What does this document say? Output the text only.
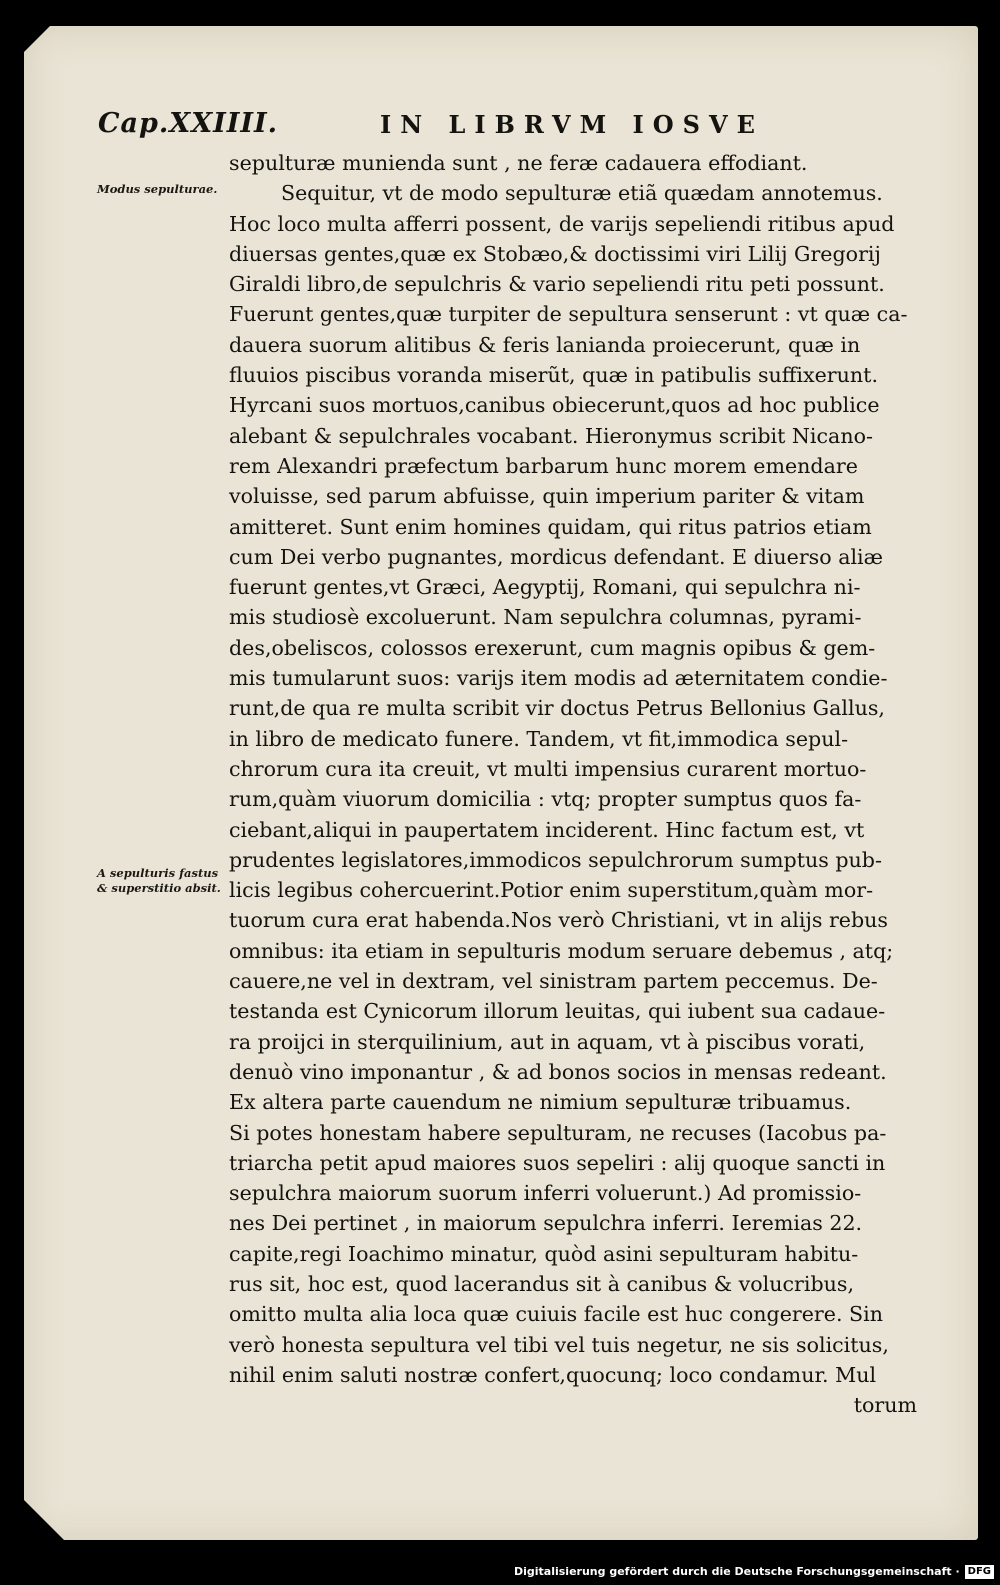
Cap.XXIIII.	IN LIBRVM IOSVE
Modus sepulturae.
A sepulturis fastus & superstitio absit.
sepulturæ munienda sunt , ne feræ cadauera effodiant.
Sequitur, vt de modo sepulturæ etiã quædam annotemus.
Hoc loco multa afferri possent, de varijs sepeliendi ritibus apud
diuersas gentes,quæ ex Stobæo,& doctissimi viri Lilij Gregorij
Giraldi libro,de sepulchris & vario sepeliendi ritu peti possunt.
Fuerunt gentes,quæ turpiter de sepultura senserunt : vt quæ ca-
dauera suorum alitibus & feris lanianda proiecerunt, quæ in
fluuios piscibus voranda miserũt, quæ in patibulis suffixerunt.
Hyrcani suos mortuos,canibus obiecerunt,quos ad hoc publice
alebant & sepulchrales vocabant. Hieronymus scribit Nicano-
rem Alexandri præfectum barbarum hunc morem emendare
voluisse, sed parum abfuisse, quin imperium pariter & vitam
amitteret. Sunt enim homines quidam, qui ritus patrios etiam
cum Dei verbo pugnantes, mordicus defendant. E diuerso aliæ
fuerunt gentes,vt Græci, Aegyptij, Romani, qui sepulchra ni-
mis studiosè excoluerunt. Nam sepulchra columnas, pyrami-
des,obeliscos, colossos erexerunt, cum magnis opibus & gem-
mis tumularunt suos: varijs item modis ad æternitatem condie-
runt,de qua re multa scribit vir doctus Petrus Bellonius Gallus,
in libro de medicato funere. Tandem, vt fit,immodica sepul-
chrorum cura ita creuit, vt multi impensius curarent mortuo-
rum,quàm viuorum domicilia : vtq; propter sumptus quos fa-
ciebant,aliqui in paupertatem inciderent. Hinc factum est, vt
prudentes legislatores,immodicos sepulchrorum sumptus pub-
licis legibus cohercuerint.Potior enim superstitum,quàm mor-
tuorum cura erat habenda.Nos verò Christiani, vt in alijs rebus
omnibus: ita etiam in sepulturis modum seruare debemus , atq;
cauere,ne vel in dextram, vel sinistram partem peccemus. De-
testanda est Cynicorum illorum leuitas, qui iubent sua cadaue-
ra proijci in sterquilinium, aut in aquam, vt à piscibus vorati,
denuò vino imponantur , & ad bonos socios in mensas redeant.
Ex altera parte cauendum ne nimium sepulturæ tribuamus.
Si potes honestam habere sepulturam, ne recuses (Iacobus pa-
triarcha petit apud maiores suos sepeliri : alij quoque sancti in
sepulchra maiorum suorum inferri voluerunt.) Ad promissio-
nes Dei pertinet , in maiorum sepulchra inferri. Ieremias 22.
capite,regi Ioachimo minatur, quòd asini sepulturam habitu-
rus sit, hoc est, quod lacerandus sit à canibus & volucribus,
omitto multa alia loca quæ cuiuis facile est huc congerere. Sin
verò honesta sepultura vel tibi vel tuis negetur, ne sis solicitus,
nihil enim saluti nostræ confert,quocunq; loco condamur. Mul
torum
Digitalisierung gefördert durch die Deutsche Forschungsgemeinschaft · DFG
